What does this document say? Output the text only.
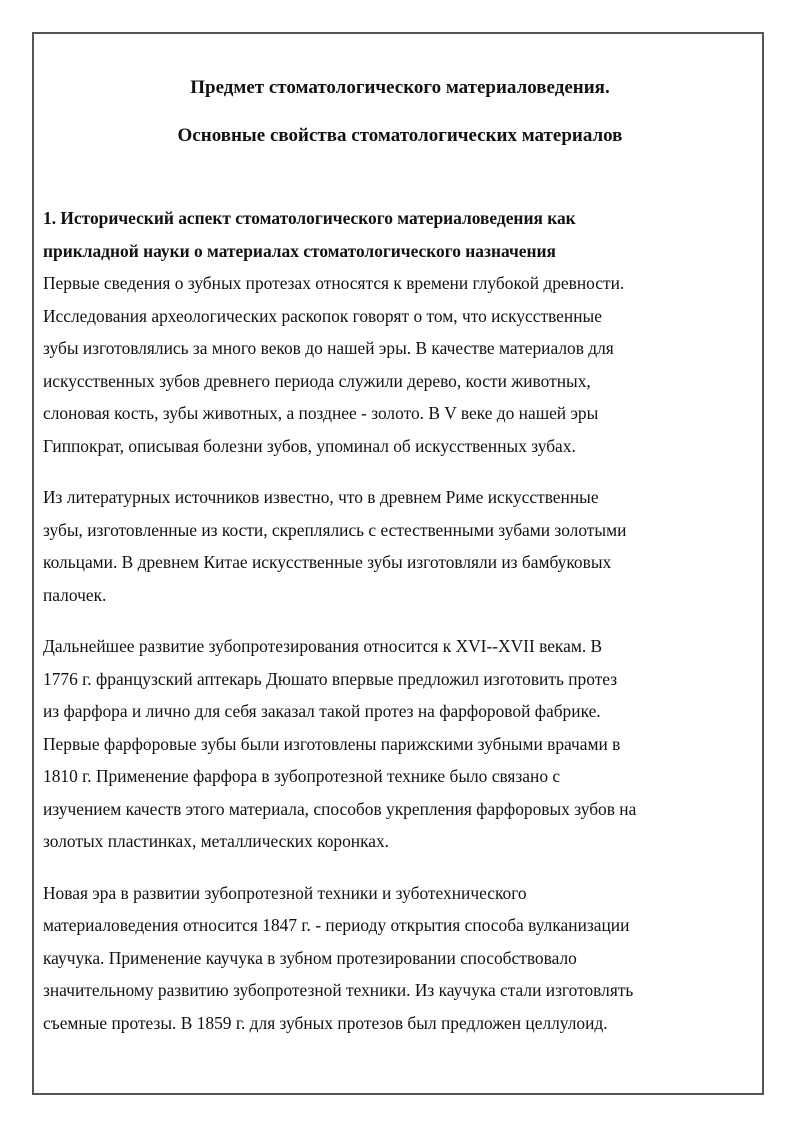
Предмет стоматологического материаловедения.

Основные свойства стоматологических материалов

1. Исторический аспект стоматологического материаловедения как

прикладной науки о материалах стоматологического назначения

Первые сведения о зубных протезах относятся к времени глубокой древности.

Исследования археологических раскопок говорят о том, что искусственные

зубы изготовлялись за много веков до нашей эры. В качестве материалов для

искусственных зубов древнего периода служили дерево, кости животных,

слоновая кость, зубы животных, а позднее - золото. В V веке до нашей эры

Гиппократ, описывая болезни зубов, упоминал об искусственных зубах.

Из литературных источников известно, что в древнем Риме искусственные

зубы, изготовленные из кости, скреплялись с естественными зубами золотыми

кольцами. В древнем Китае искусственные зубы изготовляли из бамбуковых

палочек.

Дальнейшее развитие зубопротезирования относится к XVI--XVII векам. В

1776 г. французский аптекарь Дюшато впервые предложил изготовить протез

из фарфора и лично для себя заказал такой протез на фарфоровой фабрике.

Первые фарфоровые зубы были изготовлены парижскими зубными врачами в

1810 г. Применение фарфора в зубопротезной технике было связано с

изучением качеств этого материала, способов укрепления фарфоровых зубов на

золотых пластинках, металлических коронках.

Новая эра в развитии зубопротезной техники и зуботехнического

материаловедения относится 1847 г. - периоду открытия способа вулканизации

каучука. Применение каучука в зубном протезировании способствовало

значительному развитию зубопротезной техники. Из каучука стали изготовлять

съемные протезы. В 1859 г. для зубных протезов был предложен целлулоид.
